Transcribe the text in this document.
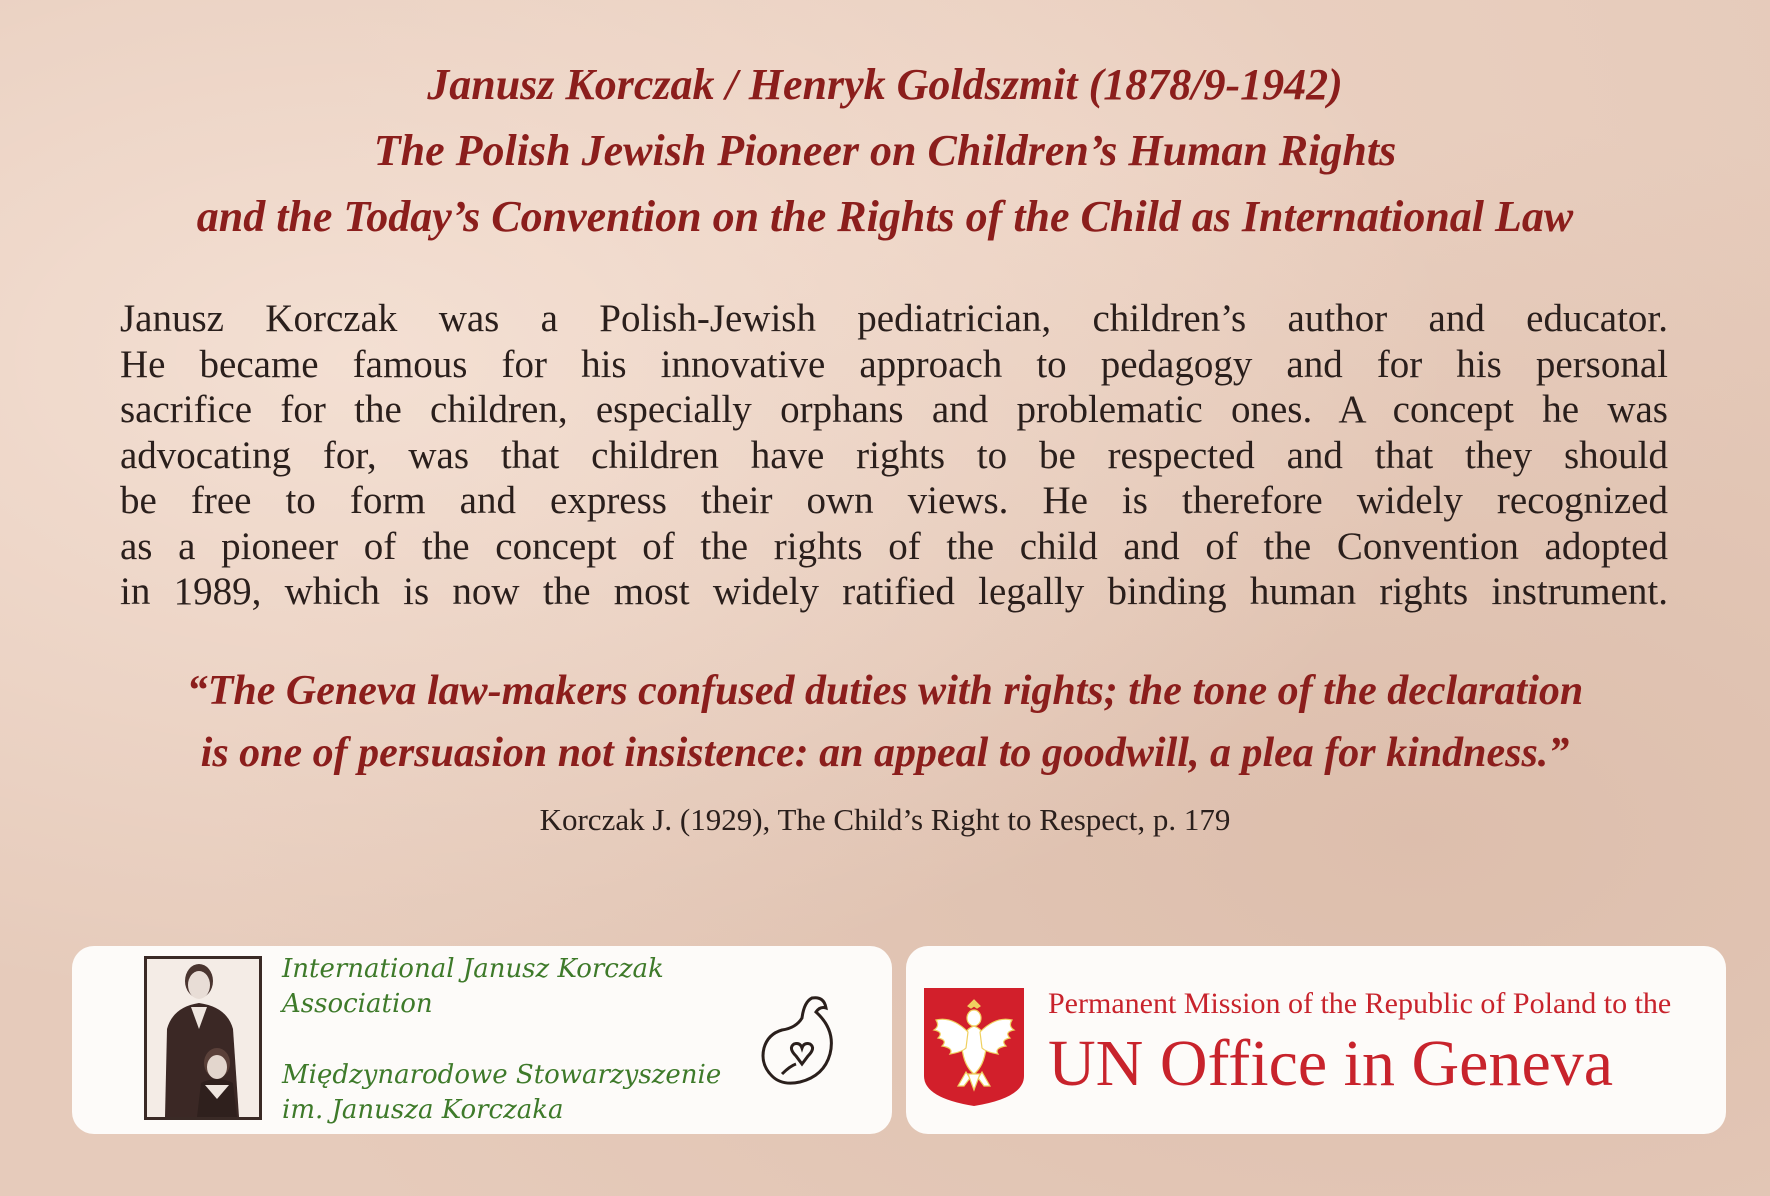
Janusz Korczak / Henryk Goldszmit (1878/9-1942)
The Polish Jewish Pioneer on Children’s Human Rights
and the Today’s Convention on the Rights of the Child as International Law
Janusz Korczak was a Polish-Jewish pediatrician, children’s author and educator.
He became famous for his innovative approach to pedagogy and for his personal
sacrifice for the children, especially orphans and problematic ones. A concept he was
advocating for, was that children have rights to be respected and that they should
be free to form and express their own views. He is therefore widely recognized
as a pioneer of the concept of the rights of the child and of the Convention adopted
in 1989, which is now the most widely ratified legally binding human rights instrument.
“The Geneva law-makers confused duties with rights; the tone of the declaration
is one of persuasion not insistence: an appeal to goodwill, a plea for kindness.”
Korczak J. (1929), The Child’s Right to Respect, p. 179
International Janusz Korczak
Association
Międzynarodowe Stowarzyszenie
im. Janusza Korczaka
Permanent Mission of the Republic of Poland to the
UN Office in Geneva
